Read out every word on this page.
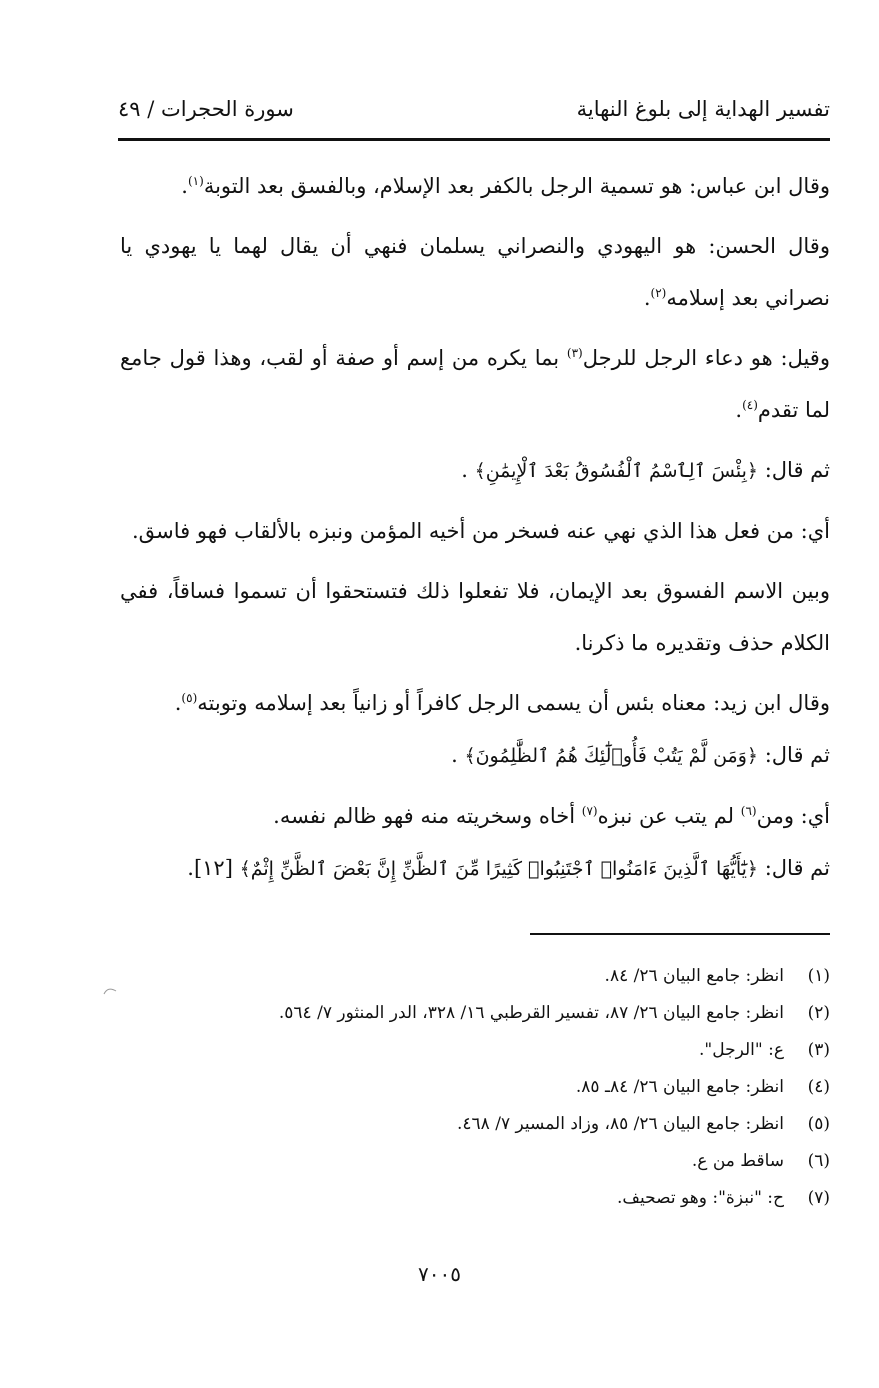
تفسير الهداية إلى بلوغ النهاية
سورة الحجرات / ٤٩

وقال ابن عباس: هو تسمية الرجل بالكفر بعد الإسلام، وبالفسق بعد التوبة$^{(١)}$.

وقال الحسن: هو اليهودي والنصراني يسلمان فنهي أن يقال لهما يا يهودي يا نصراني بعد إسلامه$^{(٢)}$.

وقيل: هو دعاء الرجل للرجل$^{(٣)}$ بما يكره من إسم أو صفة أو لقب، وهذا قول جامع لما تقدم$^{(٤)}$.

ثم قال: ﴿بِئْسَ ٱلِٱسْمُ ٱلْفُسُوقُ بَعْدَ ٱلْإِيمَٰنِ﴾ .

أي: من فعل هذا الذي نهي عنه فسخر من أخيه المؤمن ونبزه بالألقاب فهو فاسق.

وبين الاسم الفسوق بعد الإيمان، فلا تفعلوا ذلك فتستحقوا أن تسموا فساقاً، ففي الكلام حذف وتقديره ما ذكرنا.

وقال ابن زيد: معناه بئس أن يسمى الرجل كافراً أو زانياً بعد إسلامه وتوبته$^{(٥)}$.

ثم قال: ﴿وَمَن لَّمْ يَتُبْ فَأُو۟لَٰٓئِكَ هُمُ ٱلظَّٰلِمُونَ﴾ .

أي: ومن$^{(٦)}$ لم يتب عن نبزه$^{(٧)}$ أخاه وسخريته منه فهو ظالم نفسه.

ثم قال: ﴿يَٰٓأَيُّهَا ٱلَّذِينَ ءَامَنُوا۟ ٱجْتَنِبُوا۟ كَثِيرًا مِّنَ ٱلظَّنِّ إِنَّ بَعْضَ ٱلظَّنِّ إِثْمٌ﴾ [١٢].

(١)
انظر: جامع البيان ٢٦/ ٨٤.
(٢)
انظر: جامع البيان ٢٦/ ٨٧، تفسير القرطبي ١٦/ ٣٢٨، الدر المنثور ٧/ ٥٦٤.
(٣)
ع: "الرجل".
(٤)
انظر: جامع البيان ٢٦/ ٨٤ـ ٨٥.
(٥)
انظر: جامع البيان ٢٦/ ٨٥، وزاد المسير ٧/ ٤٦٨.
(٦)
ساقط من ع.
(٧)
ح: "نبزة": وهو تصحيف.
٧٠٠٥
